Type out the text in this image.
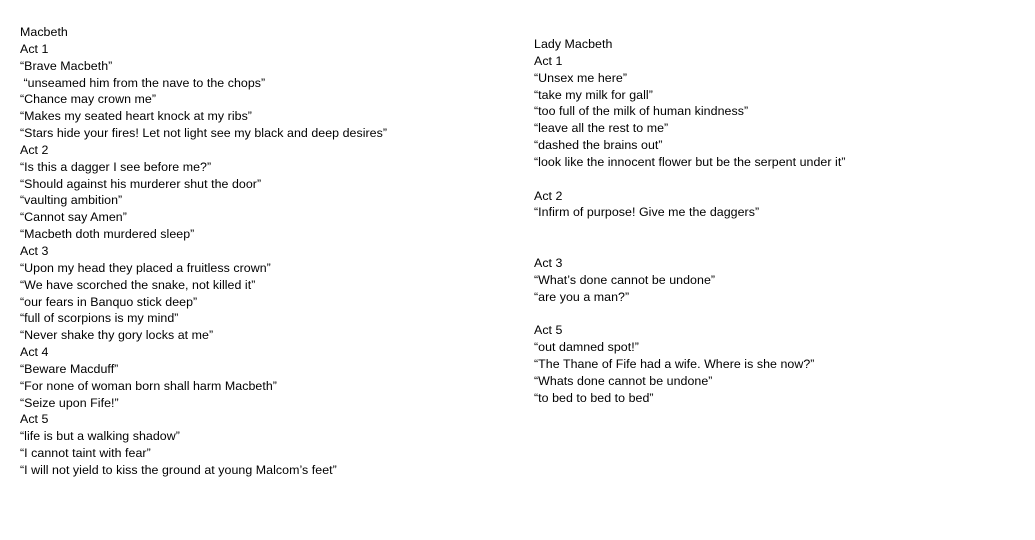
Macbeth
Act 1
“Brave Macbeth”
“unseamed him from the nave to the chops”
“Chance may crown me”
“Makes my seated heart knock at my ribs”
“Stars hide your fires! Let not light see my black and deep desires”
Act 2
“Is this a dagger I see before me?”
“Should against his murderer shut the door”
“vaulting ambition”
“Cannot say Amen”
“Macbeth doth murdered sleep”
Act 3
“Upon my head they placed a fruitless crown”
“We have scorched the snake, not killed it”
“our fears in Banquo stick deep”
“full of scorpions is my mind”
“Never shake thy gory locks at me”
Act 4
“Beware Macduff”
“For none of woman born shall harm Macbeth”
“Seize upon Fife!”
Act 5
“life is but a walking shadow”
“I cannot taint with fear”
“I will not yield to kiss the ground at young Malcom’s feet”
Lady Macbeth
Act 1
“Unsex me here”
“take my milk for gall”
“too full of the milk of human kindness”
“leave all the rest to me”
“dashed the brains out”
“look like the innocent flower but be the serpent under it”
Act 2
“Infirm of purpose! Give me the daggers”
Act 3
“What’s done cannot be undone”
“are you a man?”
Act 5
“out damned spot!”
“The Thane of Fife had a wife. Where is she now?”
“Whats done cannot be undone”
“to bed to bed to bed”
